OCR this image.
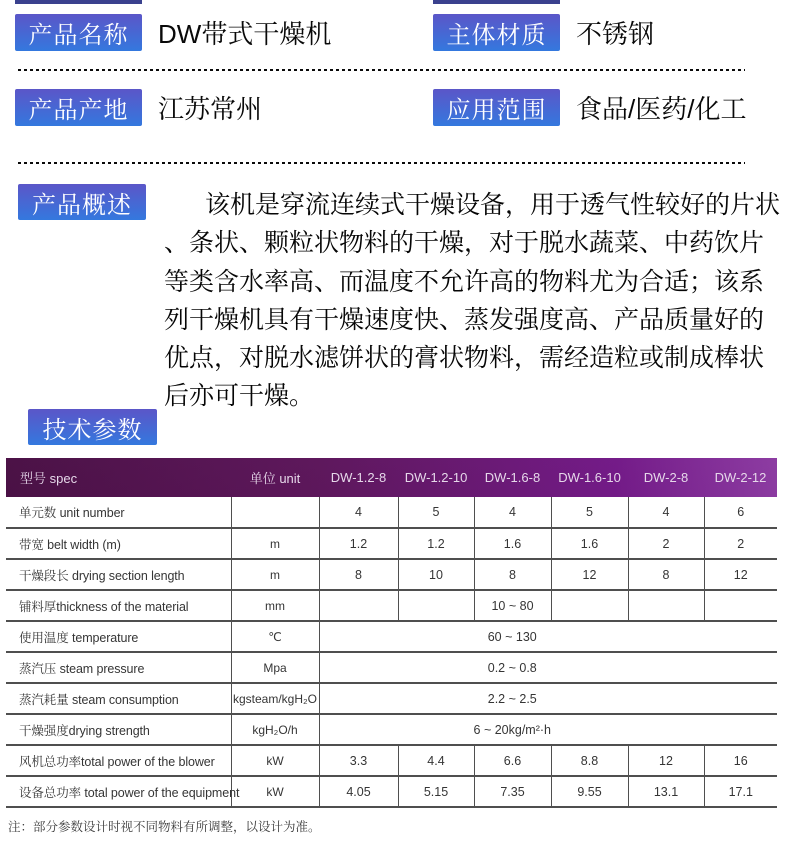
产品名称	DW带式干燥机	主体材质	不锈钢
产品产地	江苏常州	应用范围	食品/医药/化工
产品概述	该机是穿流连续式干燥设备，用于透气性较好的片状
、条状、颗粒状物料的干燥，对于脱水蔬菜、中药饮片
等类含水率高、而温度不允许高的物料尤为合适；该系
列干燥机具有干燥速度快、蒸发强度高、产品质量好的
优点，对脱水滤饼状的膏状物料，需经造粒或制成棒状
后亦可干燥。
技术参数
型号 spec	单位 unit	DW-1.2-8	DW-1.2-10	DW-1.6-8	DW-1.6-10	DW-2-8	DW-2-12
单元数 unit number		4	5	4	5	4	6
带宽 belt width (m)	m	1.2	1.2	1.6	1.6	2	2
干燥段长 drying section length	m	8	10	8	12	8	12
铺料厚thickness of the material	mm			10 ~ 80			
使用温度 temperature	℃	60 ~ 130					
蒸汽压 steam pressure	Mpa	0.2 ~ 0.8					
蒸汽耗量 steam consumption	kgsteam/kgH₂O	2.2 ~ 2.5					
干燥强度drying strength	kgH₂O/h	6 ~ 20kg/m²·h					
风机总功率total power of the blower	kW	3.3	4.4	6.6	8.8	12	16
设备总功率 total power of the equipment	kW	4.05	5.15	7.35	9.55	13.1	17.1
注：部分参数设计时视不同物料有所调整，以设计为准。
